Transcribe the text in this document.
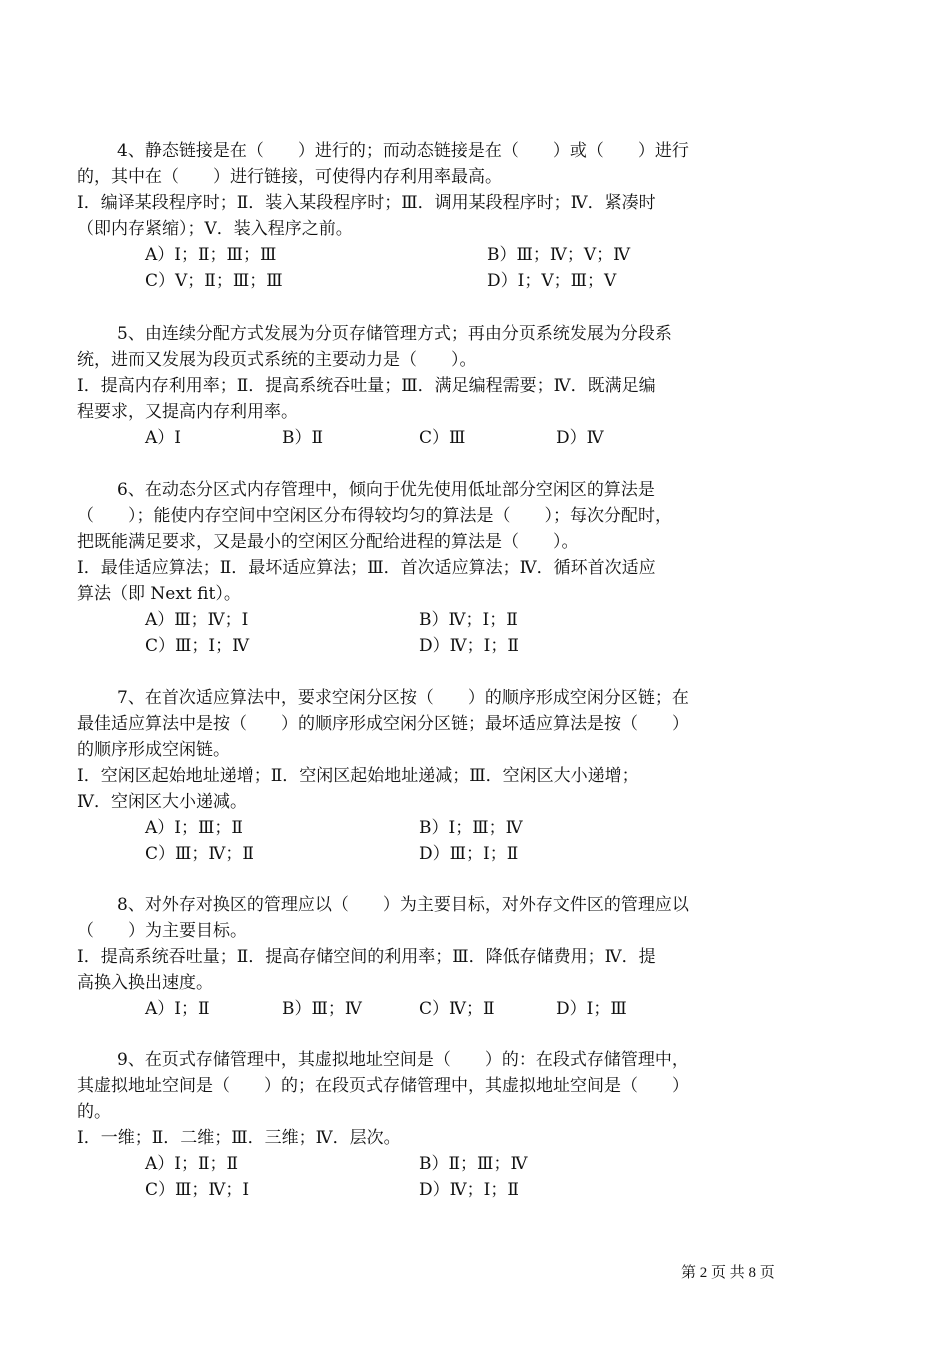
4、静态链接是在（　　）进行的；而动态链接是在（　　）或（　　）进行
的，其中在（　　）进行链接，可使得内存利用率最高。
Ⅰ．编译某段程序时；Ⅱ．装入某段程序时；Ⅲ．调用某段程序时；Ⅳ．紧凑时
（即内存紧缩）；Ⅴ．装入程序之前。
A）Ⅰ；Ⅱ；Ⅲ；Ⅲ	B）Ⅲ；Ⅳ；Ⅴ；Ⅳ
C）Ⅴ；Ⅱ；Ⅲ；Ⅲ	D）Ⅰ；Ⅴ；Ⅲ；Ⅴ
5、由连续分配方式发展为分页存储管理方式；再由分页系统发展为分段系
统，进而又发展为段页式系统的主要动力是（　　）。
Ⅰ．提高内存利用率；Ⅱ．提高系统吞吐量；Ⅲ．满足编程需要；Ⅳ．既满足编
程要求，又提高内存利用率。
A）Ⅰ	B）Ⅱ	C）Ⅲ	D）Ⅳ
6、在动态分区式内存管理中，倾向于优先使用低址部分空闲区的算法是
（　　）；能使内存空间中空闲区分布得较均匀的算法是（　　）；每次分配时，
把既能满足要求，又是最小的空闲区分配给进程的算法是（　　）。
Ⅰ．最佳适应算法；Ⅱ．最坏适应算法；Ⅲ．首次适应算法；Ⅳ．循环首次适应
算法（即 Next fit）。
A）Ⅲ；Ⅳ；Ⅰ	B）Ⅳ；Ⅰ；Ⅱ
C）Ⅲ；Ⅰ；Ⅳ	D）Ⅳ；Ⅰ；Ⅱ
7、在首次适应算法中，要求空闲分区按（　　）的顺序形成空闲分区链；在
最佳适应算法中是按（　　）的顺序形成空闲分区链；最坏适应算法是按（　　）
的顺序形成空闲链。
Ⅰ．空闲区起始地址递增；Ⅱ．空闲区起始地址递减；Ⅲ．空闲区大小递增；
Ⅳ．空闲区大小递减。
A）Ⅰ；Ⅲ；Ⅱ	B）Ⅰ；Ⅲ；Ⅳ
C）Ⅲ；Ⅳ；Ⅱ	D）Ⅲ；Ⅰ；Ⅱ
8、对外存对换区的管理应以（　　）为主要目标，对外存文件区的管理应以
（　　）为主要目标。
Ⅰ．提高系统吞吐量；Ⅱ．提高存储空间的利用率；Ⅲ．降低存储费用；Ⅳ．提
高换入换出速度。
A）Ⅰ；Ⅱ	B）Ⅲ；Ⅳ	C）Ⅳ；Ⅱ	D）Ⅰ；Ⅲ
9、在页式存储管理中，其虚拟地址空间是（　　）的：在段式存储管理中，
其虚拟地址空间是（　　）的；在段页式存储管理中，其虚拟地址空间是（　　）
的。
Ⅰ．一维；Ⅱ．二维；Ⅲ．三维；Ⅳ．层次。
A）Ⅰ；Ⅱ；Ⅱ	B）Ⅱ；Ⅲ；Ⅳ
C）Ⅲ；Ⅳ；Ⅰ	D）Ⅳ；Ⅰ；Ⅱ
第 2 页 共 8 页
